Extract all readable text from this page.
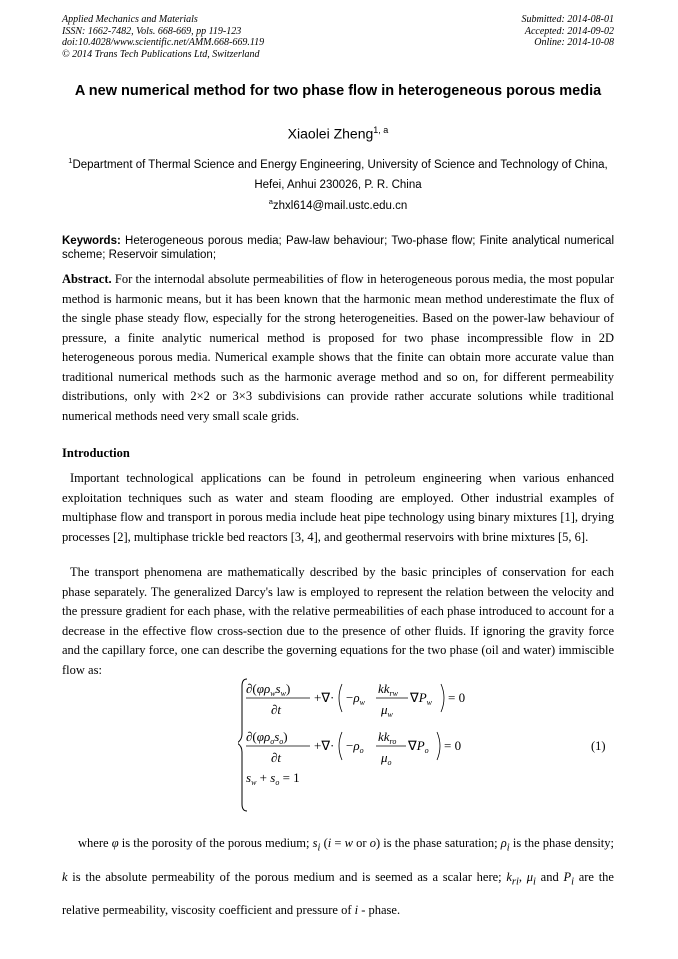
Applied Mechanics and Materials
ISSN: 1662-7482, Vols. 668-669, pp 119-123
doi:10.4028/www.scientific.net/AMM.668-669.119
© 2014 Trans Tech Publications Ltd, Switzerland
Submitted: 2014-08-01
Accepted: 2014-09-02
Online: 2014-10-08
A new numerical method for two phase flow in heterogeneous porous media
Xiaolei Zheng$^{1, a}$
$^1$Department of Thermal Science and Energy Engineering, University of Science and Technology of China, Hefei, Anhui 230026, P. R. China
$^a$zhxl614@mail.ustc.edu.cn
Keywords: Heterogeneous porous media; Paw-law behaviour; Two-phase flow; Finite analytical numerical scheme; Reservoir simulation;
Abstract. For the internodal absolute permeabilities of flow in heterogeneous porous media, the most popular method is harmonic means, but it has been known that the harmonic mean method underestimate the flux of the single phase steady flow, especially for the strong heterogeneities. Based on the power-law behaviour of pressure, a finite analytic numerical method is proposed for two phase incompressible flow in 2D heterogeneous porous media. Numerical example shows that the finite can obtain more accurate value than traditional numerical methods such as the harmonic average method and so on, for different permeability distributions, only with 2×2 or 3×3 subdivisions can provide rather accurate solutions while traditional numerical methods need very small scale grids.
Introduction
Important technological applications can be found in petroleum engineering when various enhanced exploitation techniques such as water and steam flooding are employed. Other industrial examples of multiphase flow and transport in porous media include heat pipe technology using binary mixtures [1], drying processes [2], multiphase trickle bed reactors [3, 4], and geothermal reservoirs with brine mixtures [5, 6].
The transport phenomena are mathematically described by the basic principles of conservation for each phase separately. The generalized Darcy's law is employed to represent the relation between the velocity and the pressure gradient for each phase, with the relative permeabilities of each phase introduced to account for a decrease in the effective flow cross-section due to the presence of other fluids. If ignoring the gravity force and the capillary force, one can describe the governing equations for the two phase (oil and water) immiscible flow as:
$\partial(\varphi\rho_ws_w)$
∂t
+∇· $-\rho_w$
$kk_{rw}$
$\mu_w$
$\nabla P_w = 0$
$\partial(\varphi\rho_os_o)$
∂t
+∇· $-\rho_o$
$kk_{ro}$
$\mu_o$
$\nabla P_o = 0$
$s_w + s_o = 1$
(1)
where φ is the porosity of the porous medium; $s_i$ (i = w or o) is the phase saturation; $\rho_i$ is the phase density; k is the absolute permeability of the porous medium and is seemed as a scalar here; $k_{ri}$, $\mu_i$ and $P_i$ are the relative permeability, viscosity coefficient and pressure of i - phase.
